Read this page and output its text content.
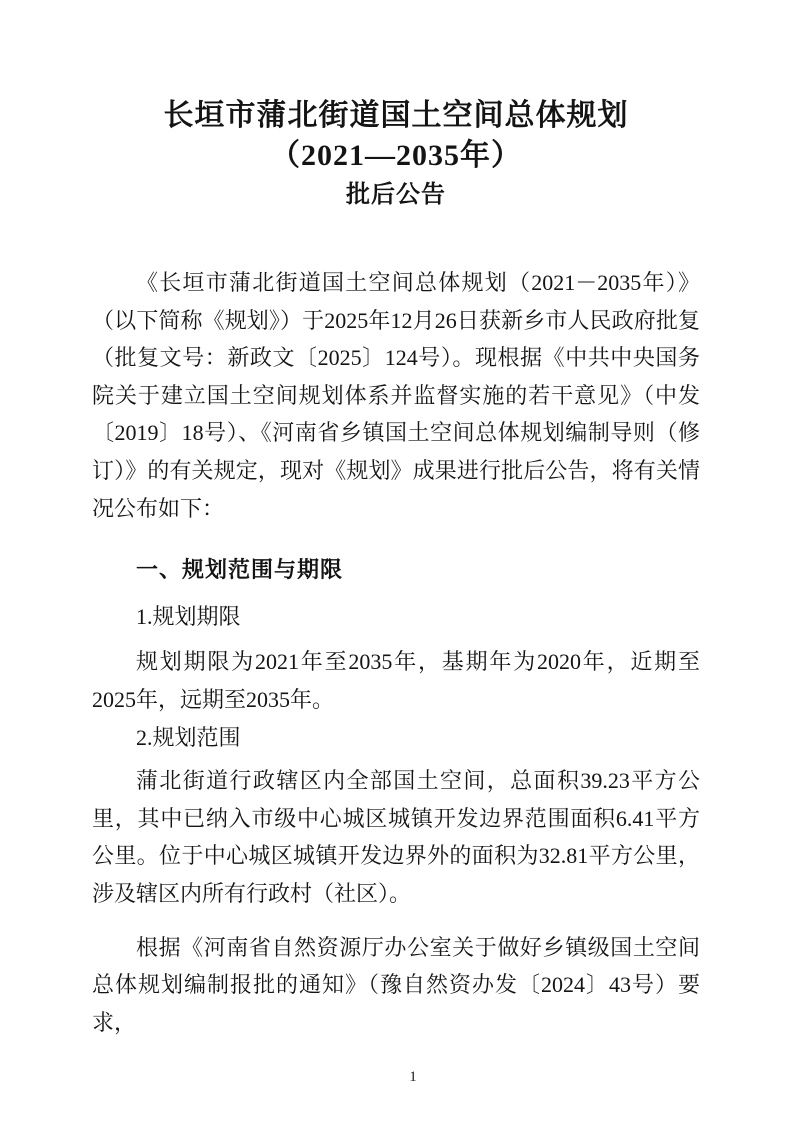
长垣市蒲北街道国土空间总体规划
（2021—2035年）
批后公告

《长垣市蒲北街道国土空间总体规划（2021－2035年）》（以下简称《规划》）于2025年12月26日获新乡市人民政府批复（批复文号：新政文〔2025〕124号）。现根据《中共中央国务院关于建立国土空间规划体系并监督实施的若干意见》（中发〔2019〕18号）、《河南省乡镇国土空间总体规划编制导则（修订）》的有关规定，现对《规划》成果进行批后公告，将有关情况公布如下：

一、规划范围与期限
1.规划期限

规划期限为2021年至2035年，基期年为2020年，近期至2025年，远期至2035年。

2.规划范围

蒲北街道行政辖区内全部国土空间，总面积39.23平方公里，其中已纳入市级中心城区城镇开发边界范围面积6.41平方公里。位于中心城区城镇开发边界外的面积为32.81平方公里，涉及辖区内所有行政村（社区）。

根据《河南省自然资源厅办公室关于做好乡镇级国土空间总体规划编制报批的通知》（豫自然资办发〔2024〕43号）要求，

1
